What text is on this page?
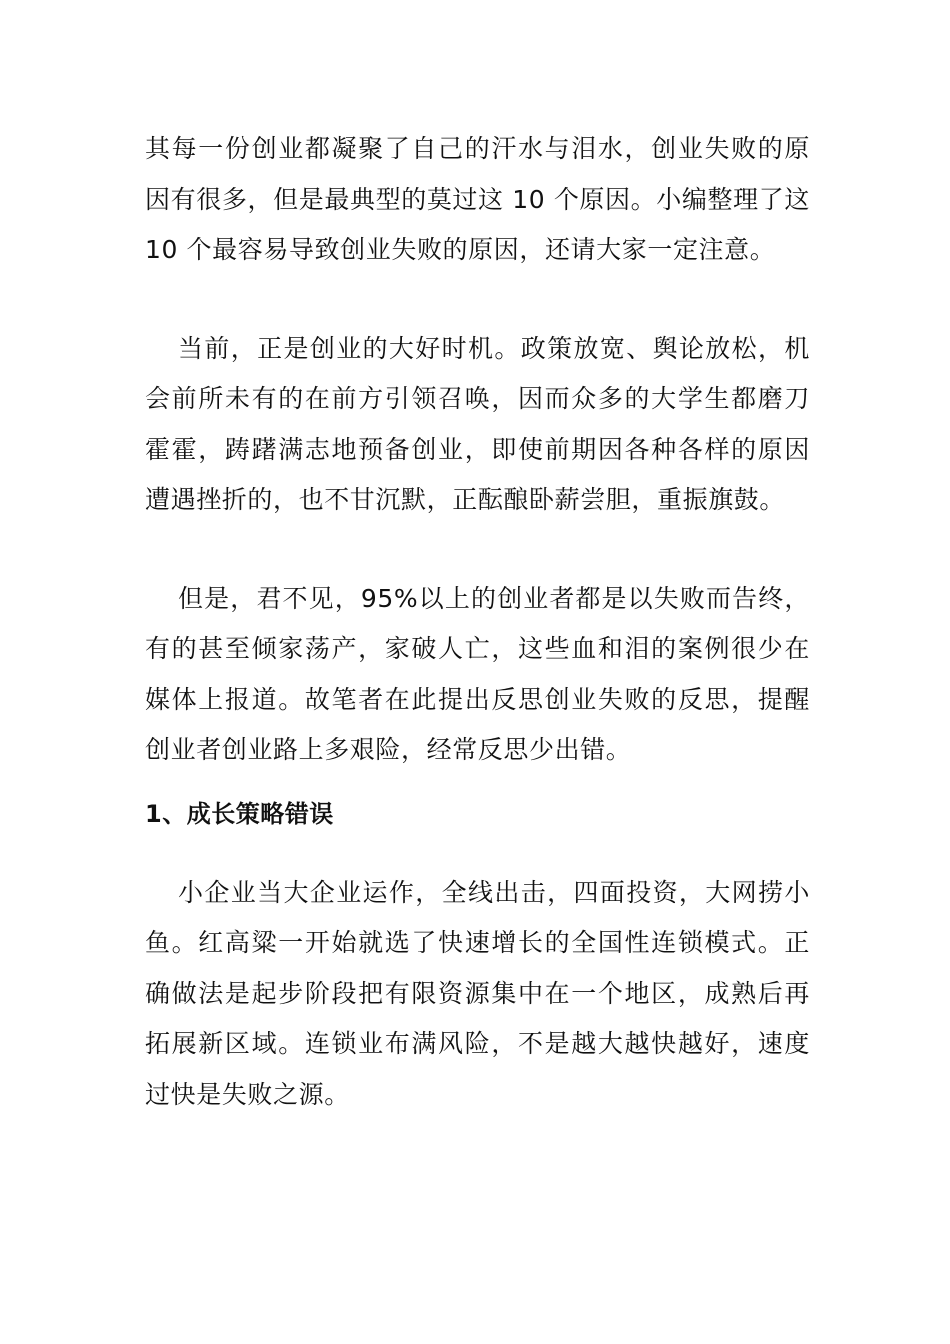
其每一份创业都凝聚了自己的汗水与泪水，创业失败的原因有很多，但是最典型的莫过这 10 个原因。小编整理了这 10 个最容易导致创业失败的原因，还请大家一定注意。

当前，正是创业的大好时机。政策放宽、舆论放松，机会前所未有的在前方引领召唤，因而众多的大学生都磨刀霍霍，踌躇满志地预备创业，即使前期因各种各样的原因遭遇挫折的，也不甘沉默，正酝酿卧薪尝胆，重振旗鼓。

但是，君不见，95%以上的创业者都是以失败而告终，有的甚至倾家荡产，家破人亡，这些血和泪的案例很少在媒体上报道。故笔者在此提出反思创业失败的反思，提醒创业者创业路上多艰险，经常反思少出错。

1、成长策略错误

小企业当大企业运作，全线出击，四面投资，大网捞小鱼。红高粱一开始就选了快速增长的全国性连锁模式。正确做法是起步阶段把有限资源集中在一个地区，成熟后再拓展新区域。连锁业布满风险，不是越大越快越好，速度过快是失败之源。
